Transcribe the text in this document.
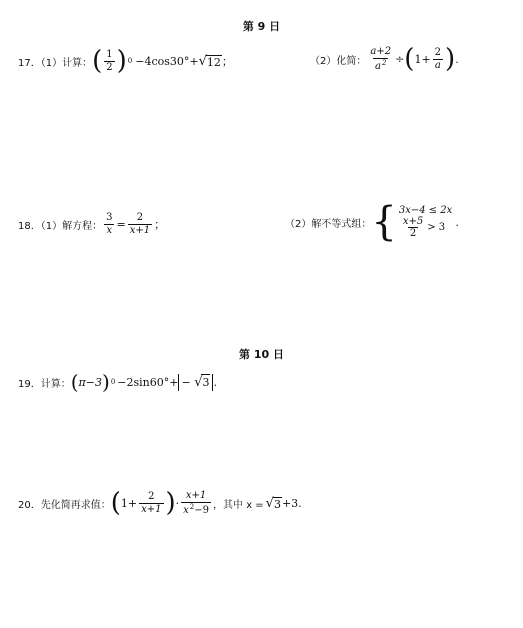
第 9 日
17．（1）计算： ( $\frac{1}{2}$ ) 0 −4cos30°+ √ 12 ；	（2）化简： $\frac{a+2}{a^2}$ ÷ ( $1+ \frac{2}{a}$ ) .
18．（1）解方程： $\frac{3}{x} = \frac{2}{x+1}$ ；	（2）解不等式组： { 3x−4 ≤ 2x
$\frac{x+5}{2} > 3$ .
第 10 日
19．计算： ( π−3 ) 0 −2sin60°+ − √ 3 .
20．先化简再求值： ( $1+ \frac{2}{x+1}$ ) · $\frac{x+1}{x^2-9}$ ，其中 x = √ 3 +3.
